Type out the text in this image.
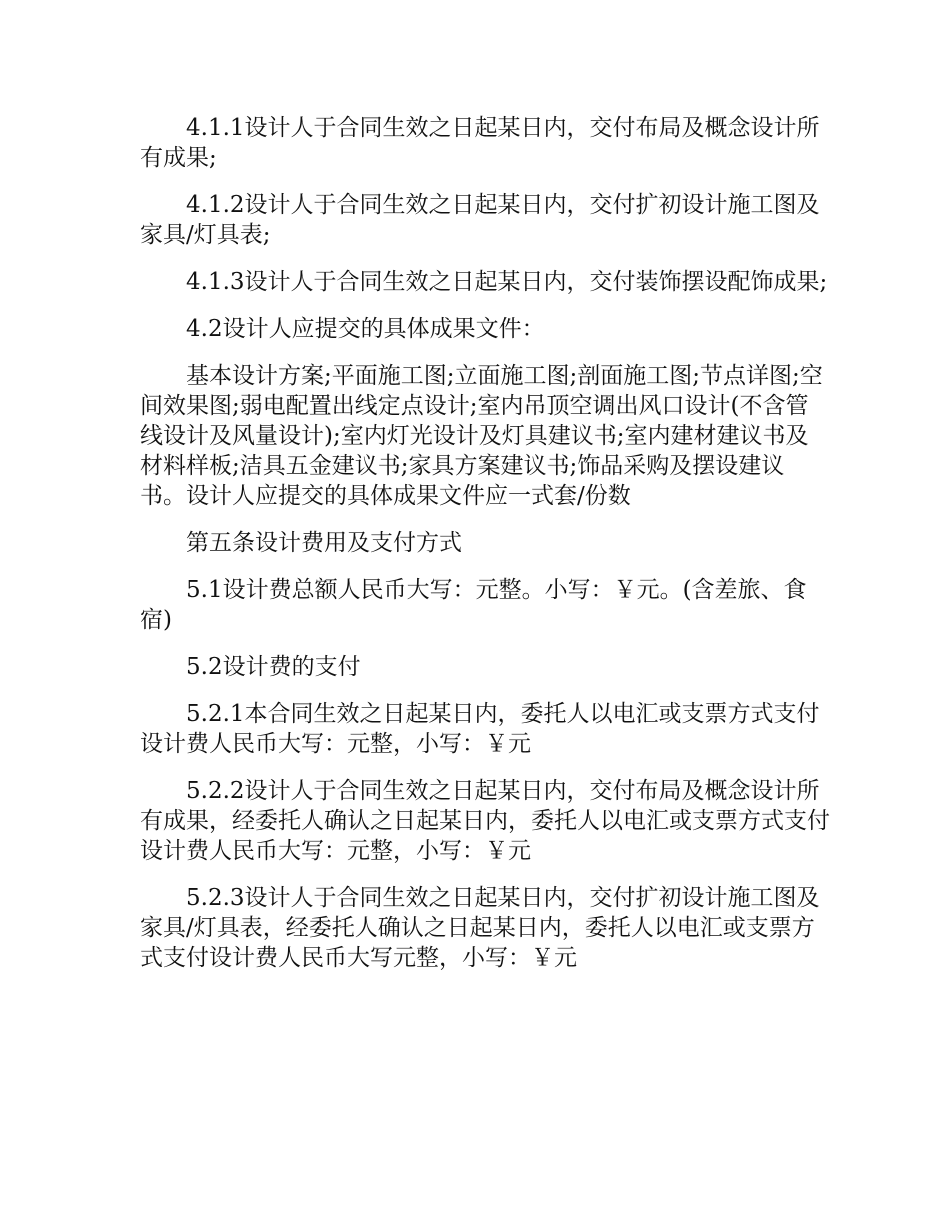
4.1.1设计人于合同生效之日起某日内，交付布局及概念设计所有成果;

4.1.2设计人于合同生效之日起某日内，交付扩初设计施工图及家具/灯具表;

4.1.3设计人于合同生效之日起某日内，交付装饰摆设配饰成果;

4.2设计人应提交的具体成果文件：

基本设计方案;平面施工图;立面施工图;剖面施工图;节点详图;空间效果图;弱电配置出线定点设计;室内吊顶空调出风口设计(不含管线设计及风量设计);室内灯光设计及灯具建议书;室内建材建议书及材料样板;洁具五金建议书;家具方案建议书;饰品采购及摆设建议书。设计人应提交的具体成果文件应一式套/份数

第五条设计费用及支付方式

5.1设计费总额人民币大写：元整。小写：￥元。(含差旅、食宿)

5.2设计费的支付

5.2.1本合同生效之日起某日内，委托人以电汇或支票方式支付设计费人民币大写：元整，小写：￥元

5.2.2设计人于合同生效之日起某日内，交付布局及概念设计所有成果，经委托人确认之日起某日内，委托人以电汇或支票方式支付设计费人民币大写：元整，小写：￥元

5.2.3设计人于合同生效之日起某日内，交付扩初设计施工图及家具/灯具表，经委托人确认之日起某日内，委托人以电汇或支票方式支付设计费人民币大写元整，小写：￥元
